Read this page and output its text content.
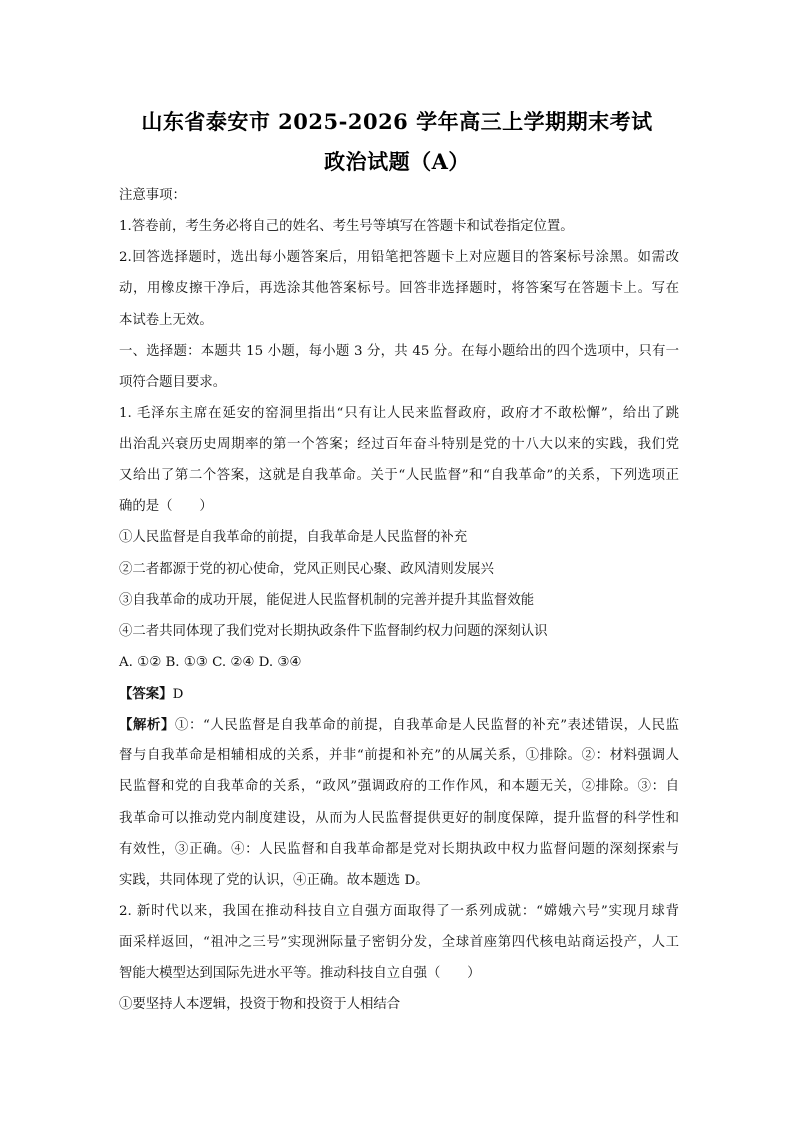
山东省泰安市 2025-2026 学年高三上学期期末考试
政治试题（A）
注意事项：
1.答卷前，考生务必将自己的姓名、考生号等填写在答题卡和试卷指定位置。
2.回答选择题时，选出每小题答案后，用铅笔把答题卡上对应题目的答案标号涂黑。如需改
动，用橡皮擦干净后，再选涂其他答案标号。回答非选择题时，将答案写在答题卡上。写在
本试卷上无效。
一、选择题：本题共 15 小题，每小题 3 分，共 45 分。在每小题给出的四个选项中，只有一
项符合题目要求。
1. 毛泽东主席在延安的窑洞里指出“只有让人民来监督政府，政府才不敢松懈”，给出了跳
出治乱兴衰历史周期率的第一个答案；经过百年奋斗特别是党的十八大以来的实践，我们党
又给出了第二个答案，这就是自我革命。关于“人民监督”和“自我革命”的关系，下列选项正
确的是（　　）
①人民监督是自我革命的前提，自我革命是人民监督的补充
②二者都源于党的初心使命，党风正则民心聚、政风清则发展兴
③自我革命的成功开展，能促进人民监督机制的完善并提升其监督效能
④二者共同体现了我们党对长期执政条件下监督制约权力问题的深刻认识
A. ①② B. ①③ C. ②④ D. ③④
【答案】D
【解析】①：“人民监督是自我革命的前提，自我革命是人民监督的补充”表述错误，人民监
督与自我革命是相辅相成的关系，并非“前提和补充”的从属关系，①排除。②：材料强调人
民监督和党的自我革命的关系，“政风”强调政府的工作作风，和本题无关，②排除。③：自
我革命可以推动党内制度建设，从而为人民监督提供更好的制度保障，提升监督的科学性和
有效性，③正确。④：人民监督和自我革命都是党对长期执政中权力监督问题的深刻探索与
实践，共同体现了党的认识，④正确。故本题选 D。
2. 新时代以来，我国在推动科技自立自强方面取得了一系列成就：“嫦娥六号”实现月球背
面采样返回，“祖冲之三号”实现洲际量子密钥分发，全球首座第四代核电站商运投产，人工
智能大模型达到国际先进水平等。推动科技自立自强（　　）
①要坚持人本逻辑，投资于物和投资于人相结合
